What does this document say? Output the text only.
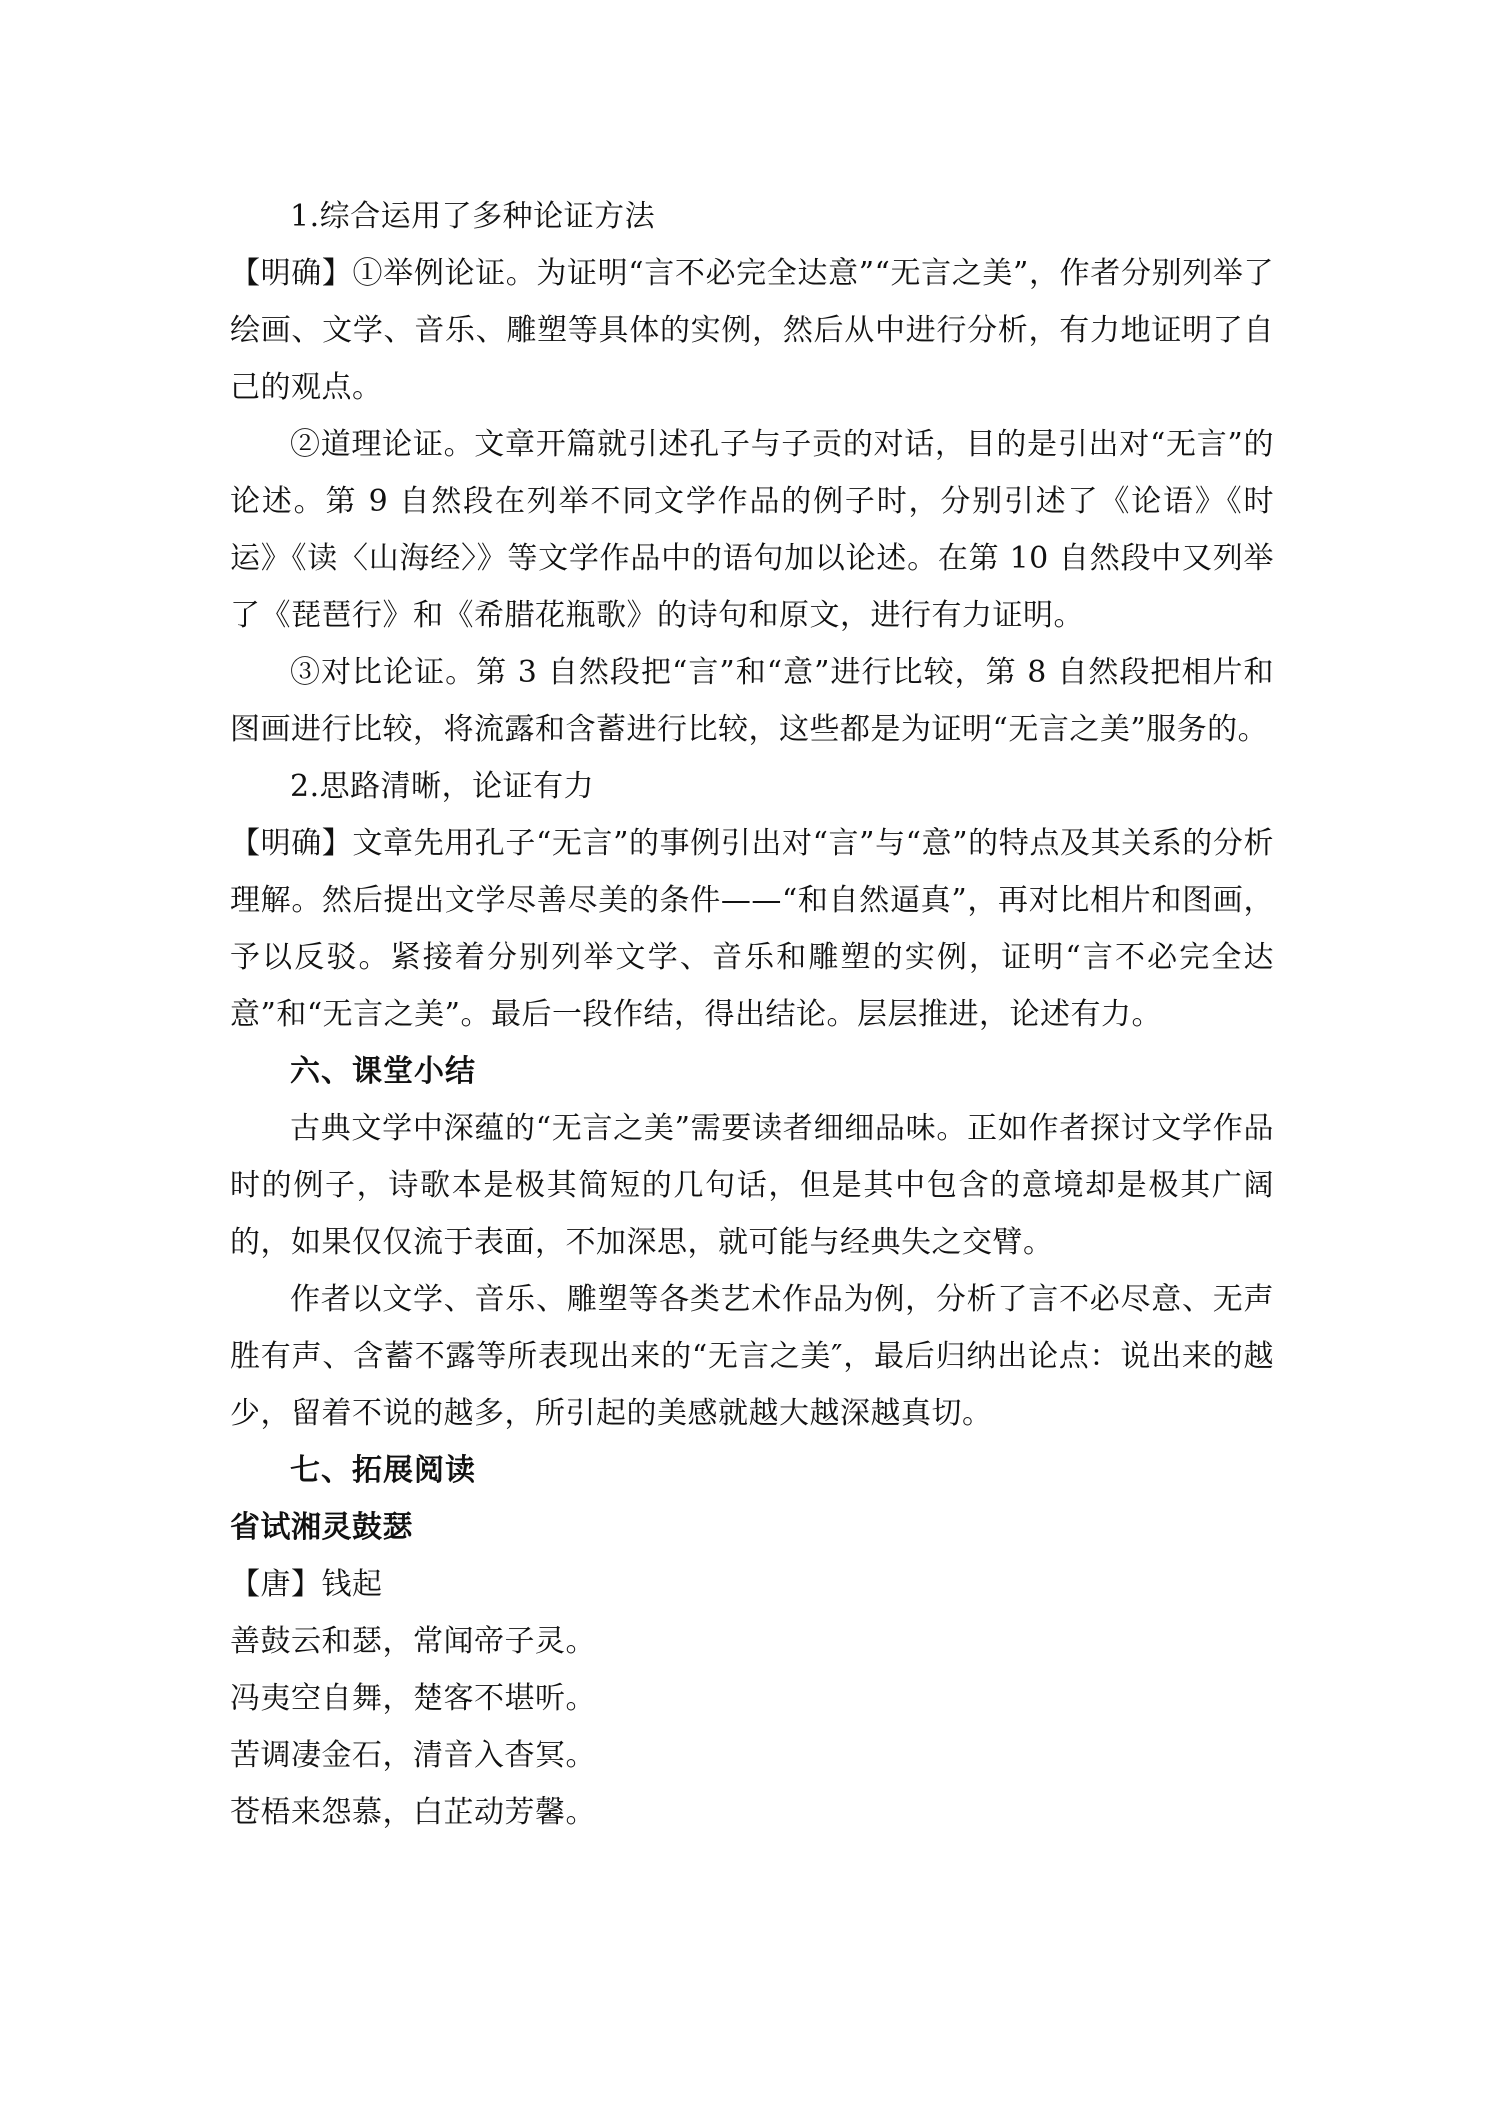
1.综合运用了多种论证方法

【明确】①举例论证。为证明“言不必完全达意”“无言之美”，作者分别列举了绘画、文学、音乐、雕塑等具体的实例，然后从中进行分析，有力地证明了自己的观点。

②道理论证。文章开篇就引述孔子与子贡的对话，目的是引出对“无言”的论述。第 9 自然段在列举不同文学作品的例子时，分别引述了《论语》《时运》《读〈山海经〉》等文学作品中的语句加以论述。在第 10 自然段中又列举了《琵琶行》和《希腊花瓶歌》的诗句和原文，进行有力证明。

③对比论证。第 3 自然段把“言”和“意”进行比较，第 8 自然段把相片和图画进行比较，将流露和含蓄进行比较，这些都是为证明“无言之美”服务的。

2.思路清晰，论证有力

【明确】文章先用孔子“无言”的事例引出对“言”与“意”的特点及其关系的分析理解。然后提出文学尽善尽美的条件——“和自然逼真”，再对比相片和图画，予以反驳。紧接着分别列举文学、音乐和雕塑的实例，证明“言不必完全达意”和“无言之美”。最后一段作结，得出结论。层层推进，论述有力。

六、课堂小结

古典文学中深蕴的“无言之美”需要读者细细品味。正如作者探讨文学作品时的例子，诗歌本是极其简短的几句话，但是其中包含的意境却是极其广阔的，如果仅仅流于表面，不加深思，就可能与经典失之交臂。

作者以文学、音乐、雕塑等各类艺术作品为例，分析了言不必尽意、无声胜有声、含蓄不露等所表现出来的“无言之美″，最后归纳出论点：说出来的越少，留着不说的越多，所引起的美感就越大越深越真切。

七、拓展阅读

省试湘灵鼓瑟

【唐】钱起

善鼓云和瑟，常闻帝子灵。

冯夷空自舞，楚客不堪听。

苦调凄金石，清音入杳冥。

苍梧来怨慕，白芷动芳馨。
